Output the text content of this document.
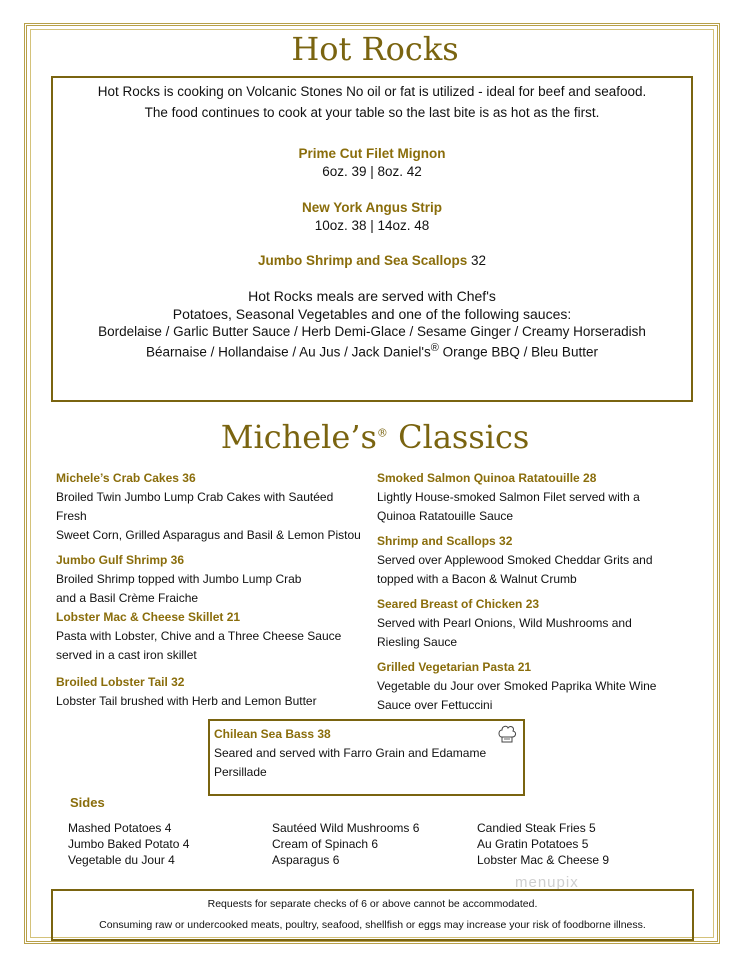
Hot Rocks
Hot Rocks is cooking on Volcanic Stones No oil or fat is utilized - ideal for beef and seafood.
The food continues to cook at your table so the last bite is as hot as the first.
Prime Cut Filet Mignon
6oz. 39 | 8oz. 42
New York Angus Strip
10oz. 38 | 14oz. 48
Jumbo Shrimp and Sea Scallops 32
Hot Rocks meals are served with Chef's
Potatoes, Seasonal Vegetables and one of the following sauces:
Bordelaise / Garlic Butter Sauce / Herb Demi-Glace / Sesame Ginger / Creamy Horseradish
Béarnaise / Hollandaise / Au Jus / Jack Daniel's® Orange BBQ / Bleu Butter
Michele’s® Classics
Michele’s Crab Cakes 36
Broiled Twin Jumbo Lump Crab Cakes with Sautéed Fresh
Sweet Corn, Grilled Asparagus and Basil & Lemon Pistou
Jumbo Gulf Shrimp 36
Broiled Shrimp topped with Jumbo Lump Crab
and a Basil Crème Fraiche
Lobster Mac & Cheese Skillet 21
Pasta with Lobster, Chive and a Three Cheese Sauce
served in a cast iron skillet
Broiled Lobster Tail 32
Lobster Tail brushed with Herb and Lemon Butter
Smoked Salmon Quinoa Ratatouille 28
Lightly House-smoked Salmon Filet served with a
Quinoa Ratatouille Sauce
Shrimp and Scallops 32
Served over Applewood Smoked Cheddar Grits and
topped with a Bacon & Walnut Crumb
Seared Breast of Chicken 23
Served with Pearl Onions, Wild Mushrooms and
Riesling Sauce
Grilled Vegetarian Pasta 21
Vegetable du Jour over Smoked Paprika White Wine
Sauce over Fettuccini
Chilean Sea Bass 38
Seared and served with Farro Grain and Edamame
Persillade
Sides
Mashed Potatoes 4
Jumbo Baked Potato 4
Vegetable du Jour 4
Sautéed Wild Mushrooms 6
Cream of Spinach 6
Asparagus 6
Candied Steak Fries 5
Au Gratin Potatoes 5
Lobster Mac & Cheese 9
menupix
Requests for separate checks of 6 or above cannot be accommodated.
Consuming raw or undercooked meats, poultry, seafood, shellfish or eggs may increase your risk of foodborne illness.
